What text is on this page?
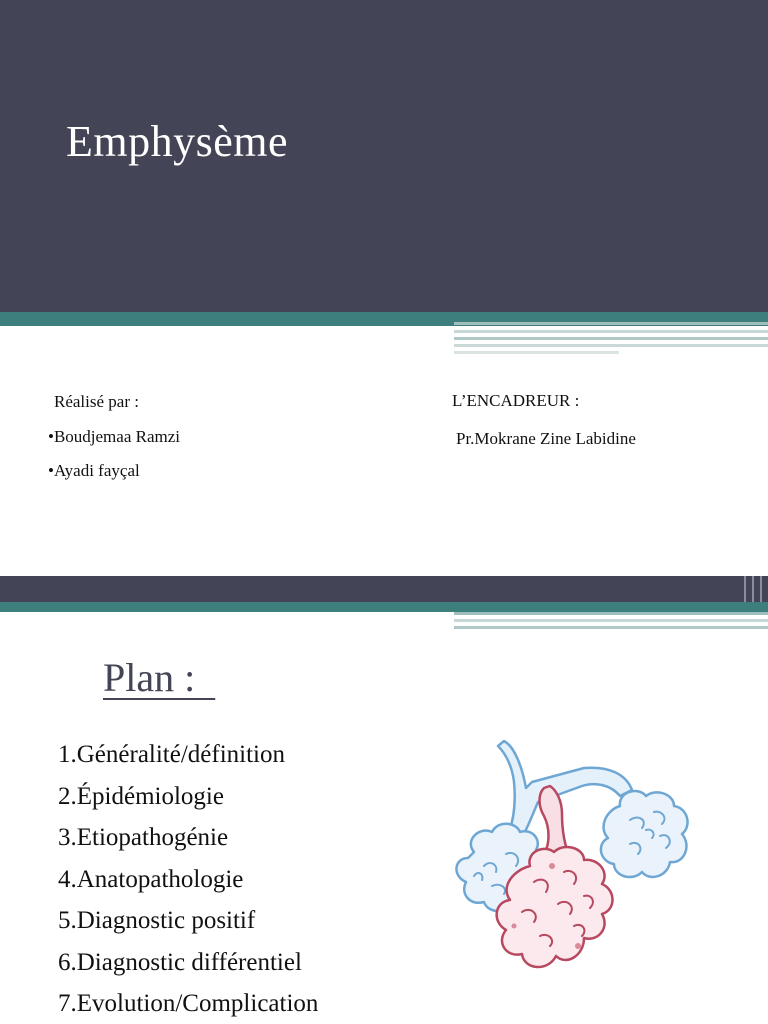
Emphysème
Réalisé par :
•Boudjemaa Ramzi
•Ayadi fayçal
L’ENCADREUR :
Pr.Mokrane Zine Labidine
Plan :
1.Généralité/définition
2.Épidémiologie
3.Etiopathogénie
4.Anatopathologie
5.Diagnostic positif
6.Diagnostic différentiel
7.Evolution/Complication
